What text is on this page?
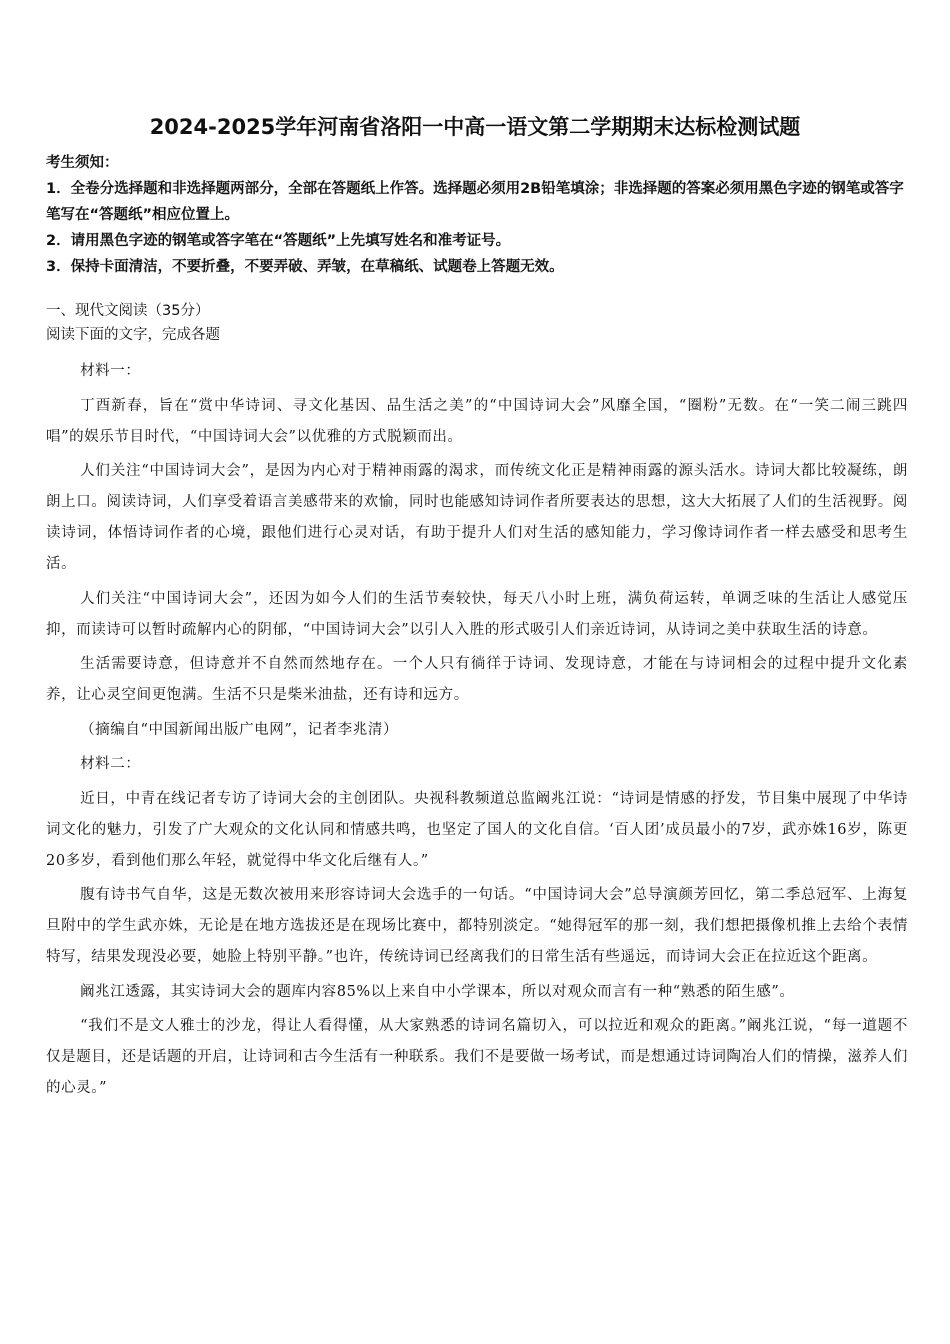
2024-2025学年河南省洛阳一中高一语文第二学期期末达标检测试题

考生须知：

1．全卷分选择题和非选择题两部分，全部在答题纸上作答。选择题必须用2B铅笔填涂；非选择题的答案必须用黑色字迹的钢笔或答字笔写在“答题纸”相应位置上。

2．请用黑色字迹的钢笔或答字笔在“答题纸”上先填写姓名和准考证号。

3．保持卡面清洁，不要折叠，不要弄破、弄皱，在草稿纸、试题卷上答题无效。

一、现代文阅读（35分）

阅读下面的文字，完成各题

材料一：

丁酉新春，旨在“赏中华诗词、寻文化基因、品生活之美”的“中国诗词大会”风靡全国，“圈粉”无数。在“一笑二闹三跳四唱”的娱乐节目时代，“中国诗词大会”以优雅的方式脱颖而出。

人们关注“中国诗词大会”，是因为内心对于精神雨露的渴求，而传统文化正是精神雨露的源头活水。诗词大都比较凝练，朗朗上口。阅读诗词，人们享受着语言美感带来的欢愉，同时也能感知诗词作者所要表达的思想，这大大拓展了人们的生活视野。阅读诗词，体悟诗词作者的心境，跟他们进行心灵对话，有助于提升人们对生活的感知能力，学习像诗词作者一样去感受和思考生活。

人们关注“中国诗词大会”，还因为如今人们的生活节奏较快，每天八小时上班，满负荷运转，单调乏味的生活让人感觉压抑，而读诗可以暂时疏解内心的阴郁，“中国诗词大会”以引人入胜的形式吸引人们亲近诗词，从诗词之美中获取生活的诗意。

生活需要诗意，但诗意并不自然而然地存在。一个人只有徜徉于诗词、发现诗意，才能在与诗词相会的过程中提升文化素养，让心灵空间更饱满。生活不只是柴米油盐，还有诗和远方。

（摘编自“中国新闻出版广电网”，记者李兆清）

材料二：

近日，中青在线记者专访了诗词大会的主创团队。央视科教频道总监阚兆江说：“诗词是情感的抒发，节目集中展现了中华诗词文化的魅力，引发了广大观众的文化认同和情感共鸣，也坚定了国人的文化自信。‘百人团’成员最小的7岁，武亦姝16岁，陈更20多岁，看到他们那么年轻，就觉得中华文化后继有人。”

腹有诗书气自华，这是无数次被用来形容诗词大会选手的一句话。“中国诗词大会”总导演颜芳回忆，第二季总冠军、上海复旦附中的学生武亦姝，无论是在地方选拔还是在现场比赛中，都特别淡定。“她得冠军的那一刻，我们想把摄像机推上去给个表情特写，结果发现没必要，她脸上特别平静。”也许，传统诗词已经离我们的日常生活有些遥远，而诗词大会正在拉近这个距离。

阚兆江透露，其实诗词大会的题库内容85%以上来自中小学课本，所以对观众而言有一种“熟悉的陌生感”。

“我们不是文人雅士的沙龙，得让人看得懂，从大家熟悉的诗词名篇切入，可以拉近和观众的距离。”阚兆江说，“每一道题不仅是题目，还是话题的开启，让诗词和古今生活有一种联系。我们不是要做一场考试，而是想通过诗词陶冶人们的情操，滋养人们的心灵。”
